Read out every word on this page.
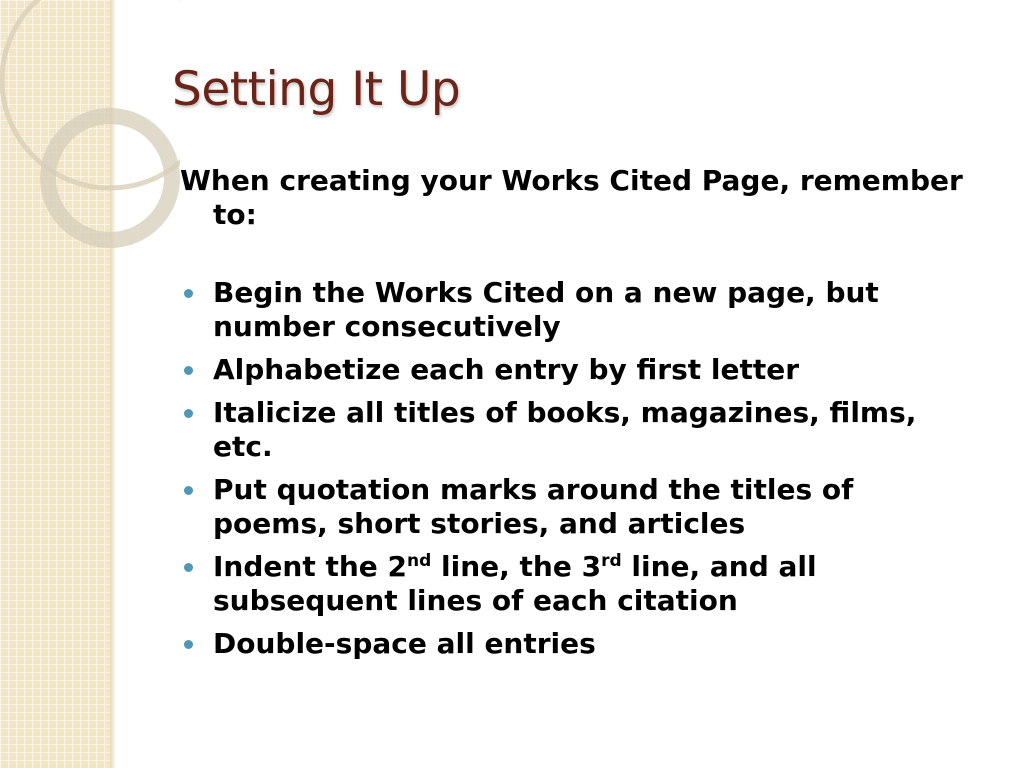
Setting It Up

When creating your Works Cited Page, remember to:

Begin the Works Cited on a new page, but number consecutively
Alphabetize each entry by first letter
Italicize all titles of books, magazines, films, etc.
Put quotation marks around the titles of poems, short stories, and articles
Indent the 2nd line, the 3rd line, and all subsequent lines of each citation
Double-space all entries
